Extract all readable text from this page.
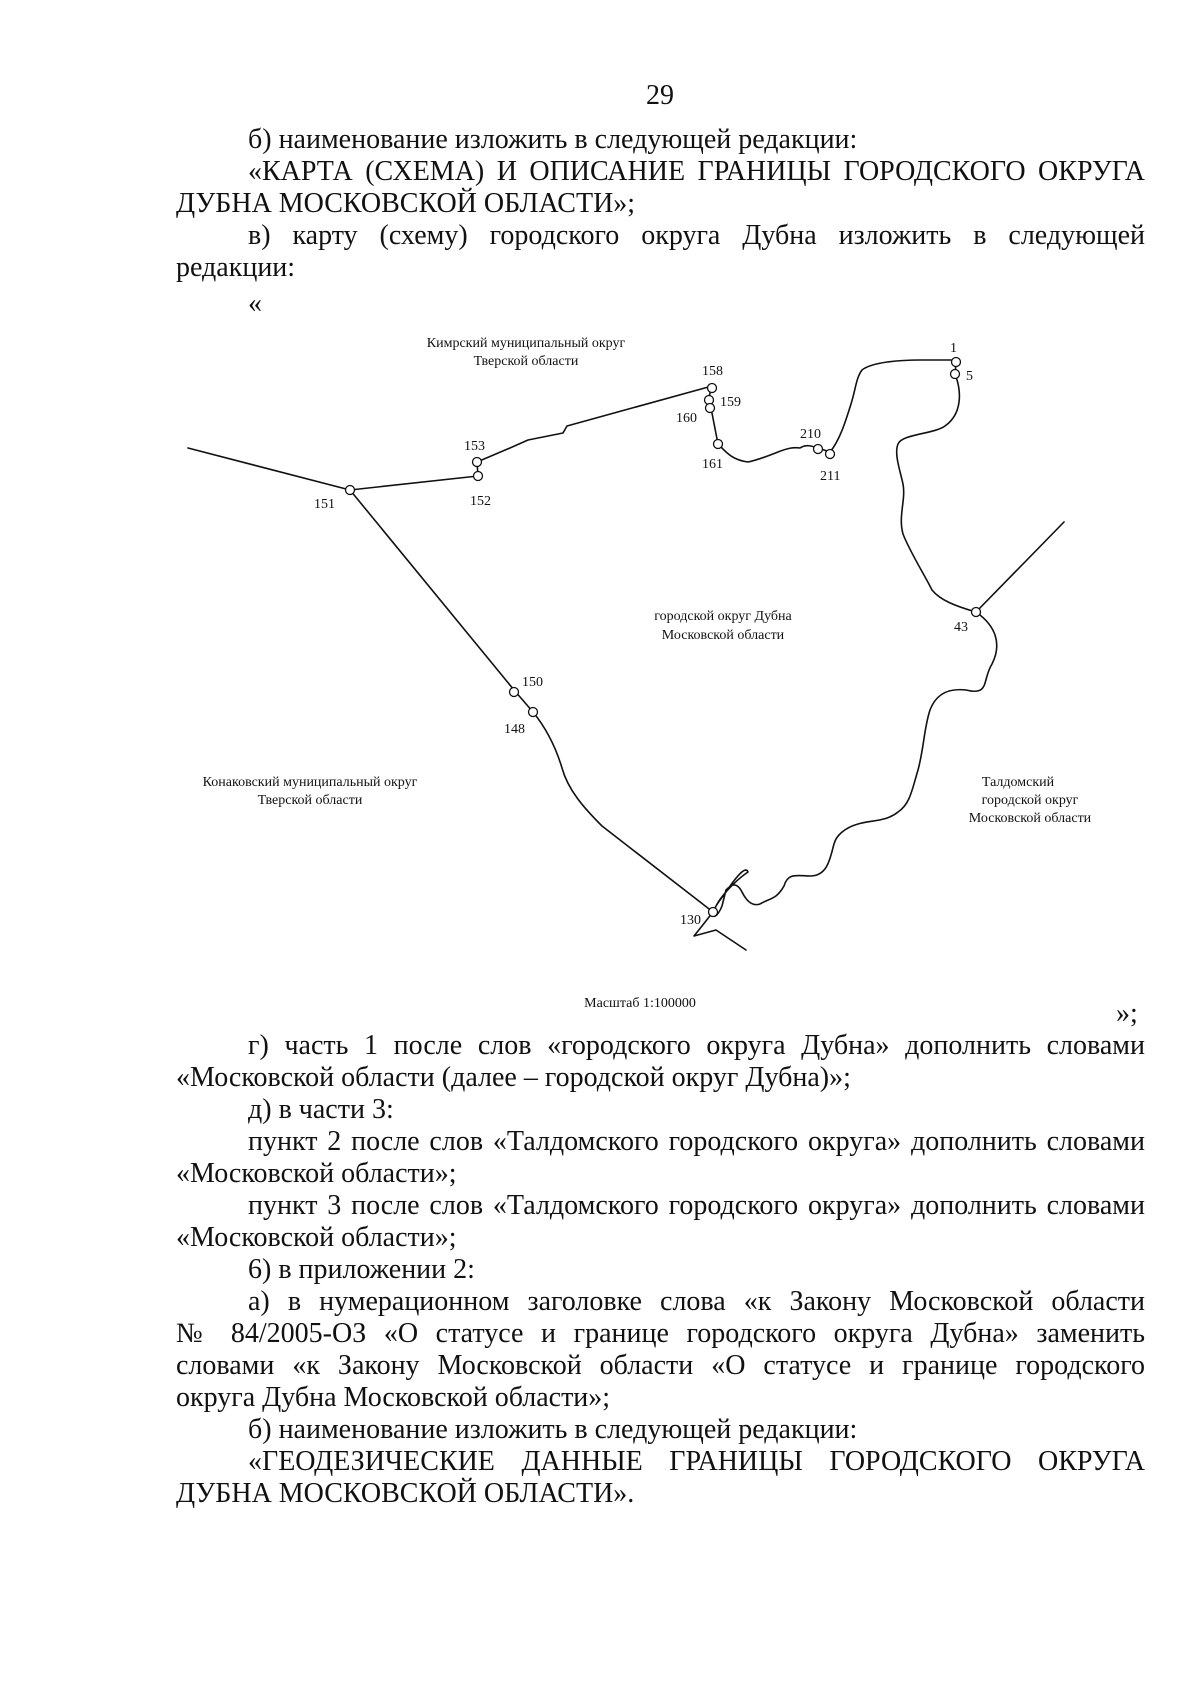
29
б) наименование изложить в следующей редакции:
«КАРТА (СХЕМА) И ОПИСАНИЕ ГРАНИЦЫ ГОРОДСКОГО ОКРУГА
ДУБНА МОСКОВСКОЙ ОБЛАСТИ»;
в) карту (схему) городского округа Дубна изложить в следующей
редакции:
«
1
5
158
159
160
161
210
211
153
152
151
43
150
148
130
Кимрский муниципальный округ
Тверской области
городской округ Дубна
Московской области
Конаковский муниципальный округ
Тверской области
Талдомский
городской округ
Московской области
Масштаб 1:100000	»;
г) часть 1 после слов «городского округа Дубна» дополнить словами
«Московской области (далее – городской округ Дубна)»;
д) в части 3:
пункт 2 после слов «Талдомского городского округа» дополнить словами
«Московской области»;
пункт 3 после слов «Талдомского городского округа» дополнить словами
«Московской области»;
6) в приложении 2:
а) в нумерационном заголовке слова «к Закону Московской области
№ 84/2005-ОЗ «О статусе и границе городского округа Дубна» заменить
словами «к Закону Московской области «О статусе и границе городского
округа Дубна Московской области»;
б) наименование изложить в следующей редакции:
«ГЕОДЕЗИЧЕСКИЕ ДАННЫЕ ГРАНИЦЫ ГОРОДСКОГО ОКРУГА
ДУБНА МОСКОВСКОЙ ОБЛАСТИ».
